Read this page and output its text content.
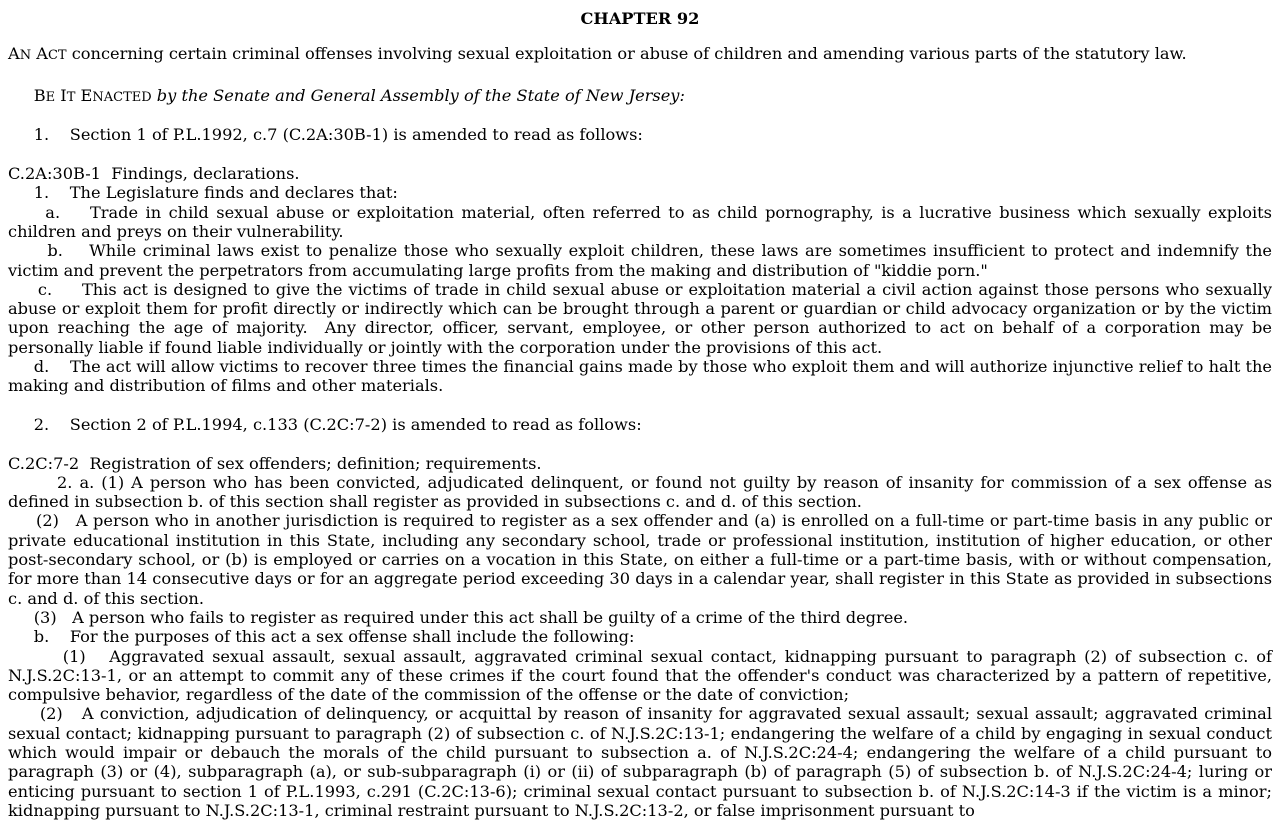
CHAPTER 92

AN ACT concerning certain criminal offenses involving sexual exploitation or abuse of children and amending various parts of the statutory law.

BE IT ENACTED by the Senate and General Assembly of the State of New Jersey:

1.    Section 1 of P.L.1992, c.7 (C.2A:30B-1) is amended to read as follows:

C.2A:30B-1  Findings, declarations.

1.    The Legislature finds and declares that:

a.    Trade in child sexual abuse or exploitation material, often referred to as child pornography, is a lucrative business which sexually exploits children and preys on their vulnerability.

b.    While criminal laws exist to penalize those who sexually exploit children, these laws are sometimes insufficient to protect and indemnify the victim and prevent the perpetrators from accumulating large profits from the making and distribution of "kiddie porn."

c.     This act is designed to give the victims of trade in child sexual abuse or exploitation material a civil action against those persons who sexually abuse or exploit them for profit directly or indirectly which can be brought through a parent or guardian or child advocacy organization or by the victim upon reaching the age of majority.  Any director, officer, servant, employee, or other person authorized to act on behalf of a corporation may be personally liable if found liable individually or jointly with the corporation under the provisions of this act.

d.    The act will allow victims to recover three times the financial gains made by those who exploit them and will authorize injunctive relief to halt the making and distribution of films and other materials.

2.    Section 2 of P.L.1994, c.133 (C.2C:7-2) is amended to read as follows:

C.2C:7-2  Registration of sex offenders; definition; requirements.

2. a. (1) A person who has been convicted, adjudicated delinquent, or found not guilty by reason of insanity for commission of a sex offense as defined in subsection b. of this section shall register as provided in subsections c. and d. of this section.

(2)   A person who in another jurisdiction is required to register as a sex offender and (a) is enrolled on a full-time or part-time basis in any public or private educational institution in this State, including any secondary school, trade or professional institution, institution of higher education, or other post-secondary school, or (b) is employed or carries on a vocation in this State, on either a full-time or a part-time basis, with or without compensation, for more than 14 consecutive days or for an aggregate period exceeding 30 days in a calendar year, shall register in this State as provided in subsections c. and d. of this section.

(3)   A person who fails to register as required under this act shall be guilty of a crime of the third degree.

b.    For the purposes of this act a sex offense shall include the following:

(1)   Aggravated sexual assault, sexual assault, aggravated criminal sexual contact, kidnapping pursuant to paragraph (2) of subsection c. of N.J.S.2C:13-1, or an attempt to commit any of these crimes if the court found that the offender's conduct was characterized by a pattern of repetitive, compulsive behavior, regardless of the date of the commission of the offense or the date of conviction;

(2)   A conviction, adjudication of delinquency, or acquittal by reason of insanity for aggravated sexual assault; sexual assault; aggravated criminal sexual contact; kidnapping pursuant to paragraph (2) of subsection c. of N.J.S.2C:13-1; endangering the welfare of a child by engaging in sexual conduct which would impair or debauch the morals of the child pursuant to subsection a. of N.J.S.2C:24-4; endangering the welfare of a child pursuant to paragraph (3) or (4), subparagraph (a), or sub-subparagraph (i) or (ii) of subparagraph (b) of paragraph (5) of subsection b. of N.J.S.2C:24-4; luring or enticing pursuant to section 1 of P.L.1993, c.291 (C.2C:13-6); criminal sexual contact pursuant to subsection b. of N.J.S.2C:14-3 if the victim is a minor; kidnapping pursuant to N.J.S.2C:13-1, criminal restraint pursuant to N.J.S.2C:13-2, or false imprisonment pursuant to
